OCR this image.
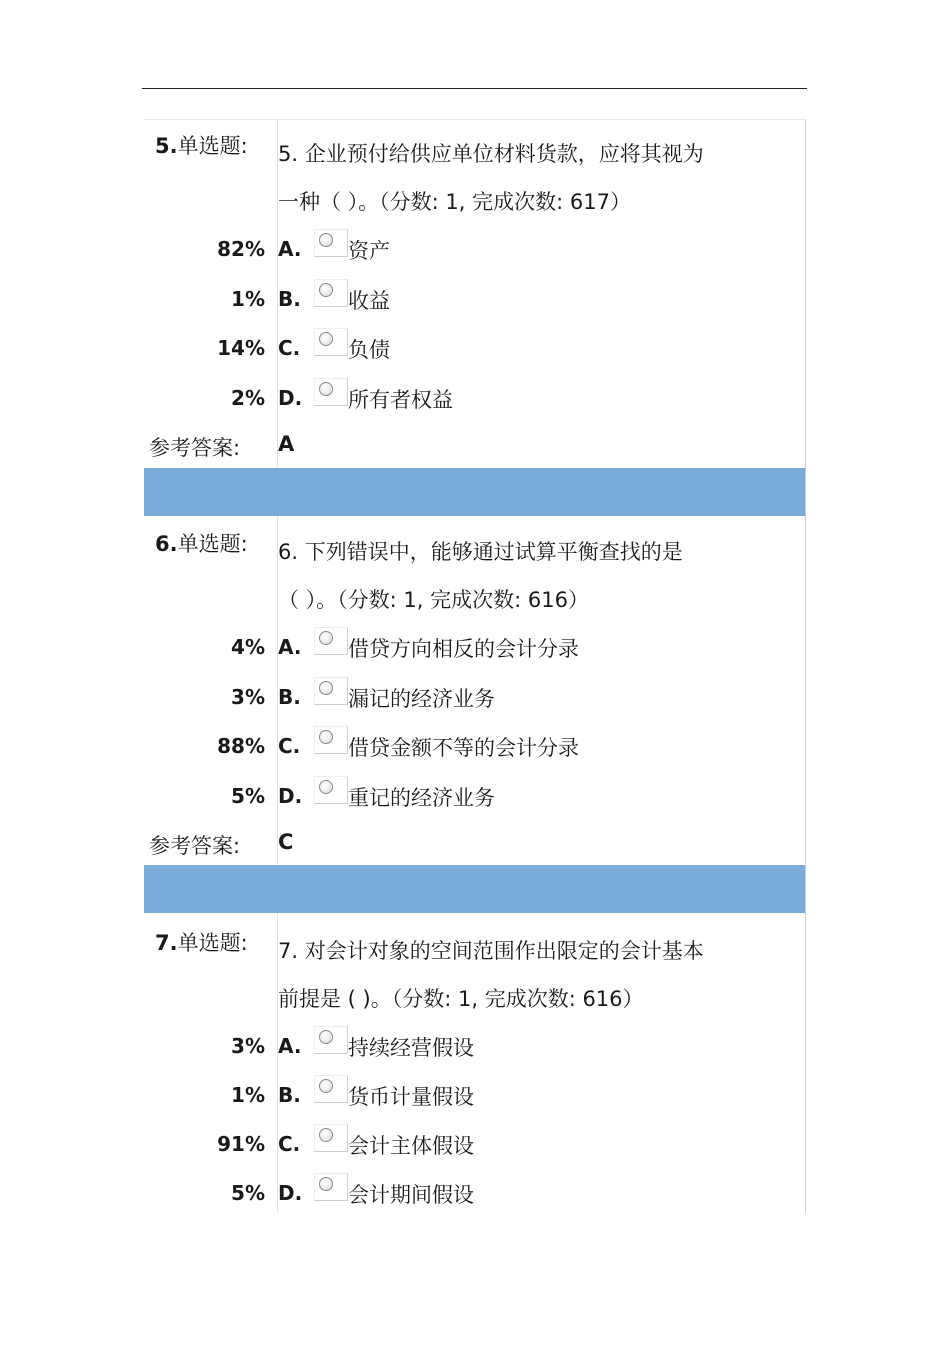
5.单选题: 5. 企业预付给供应单位材料货款，应将其视为
一种（ ）。（分数: 1, 完成次数: 617）
82% A. 资产
1% B. 收益
14% C. 负债
2% D. 所有者权益
参考答案: A
6.单选题: 6. 下列错误中，能够通过试算平衡查找的是
（ ）。（分数: 1, 完成次数: 616）
4% A. 借贷方向相反的会计分录
3% B. 漏记的经济业务
88% C. 借贷金额不等的会计分录
5% D. 重记的经济业务
参考答案: C
7.单选题: 7. 对会计对象的空间范围作出限定的会计基本
前提是 ( )。（分数: 1, 完成次数: 616）
3% A. 持续经营假设
1% B. 货币计量假设
91% C. 会计主体假设
5% D. 会计期间假设
